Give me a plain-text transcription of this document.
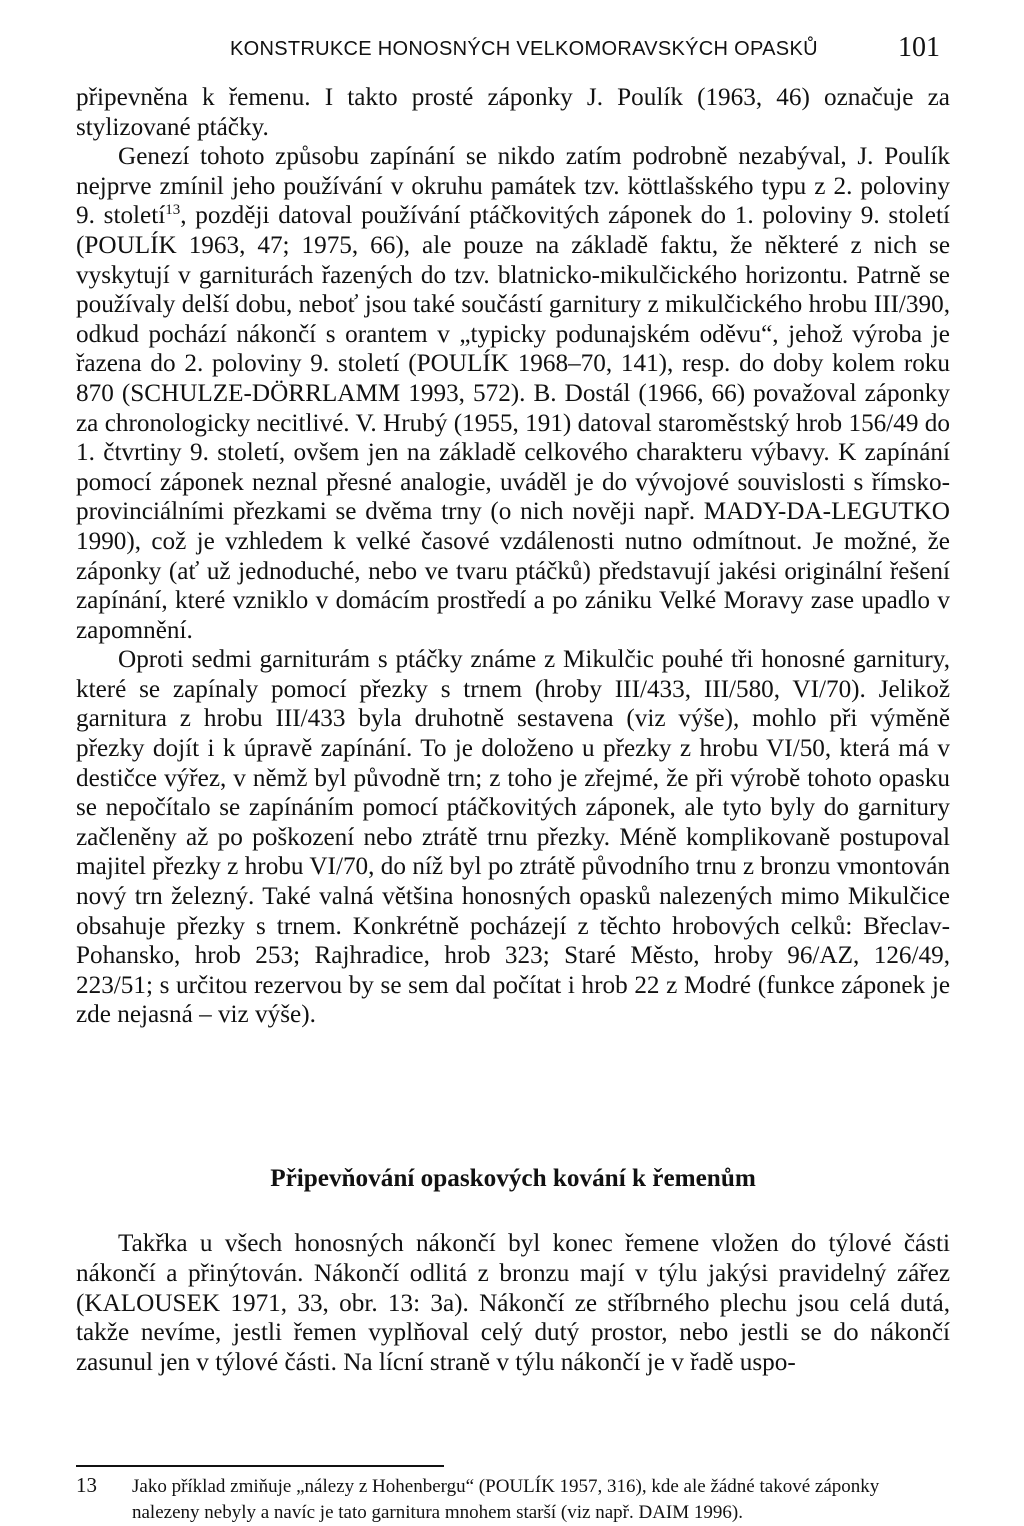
KONSTRUKCE HONOSNÝCH VELKOMORAVSKÝCH OPASKŮ	101

připevněna k řemenu. I takto prosté záponky J. Poulík (1963, 46) označuje za stylizované ptáčky.

Genezí tohoto způsobu zapínání se nikdo zatím podrobně nezabýval, J. Poulík nejprve zmínil jeho používání v okruhu památek tzv. köttlašského typu z 2. poloviny 9. století$^{13}$, později datoval používání ptáčkovitých záponek do 1. poloviny 9. století (POULÍK 1963, 47; 1975, 66), ale pouze na základě faktu, že některé z nich se vyskytují v garniturách řazených do tzv. blatnicko-mikulčického horizontu. Patrně se používaly delší dobu, neboť jsou také součástí garnitury z mikulčického hrobu III/390, odkud pochází nákončí s orantem v „typicky podunajském oděvu“, jehož výroba je řazena do 2. poloviny 9. století (POULÍK 1968–70, 141), resp. do doby kolem roku 870 (SCHULZE-DÖRRLAMM 1993, 572). B. Dostál (1966, 66) považoval záponky za chronologicky necitlivé. V. Hrubý (1955, 191) datoval staroměstský hrob 156/49 do 1. čtvrtiny 9. století, ovšem jen na základě celkového charakteru výbavy. K zapínání pomocí záponek neznal přesné analogie, uváděl je do vývojové souvislosti s římsko-provinciálními přezkami se dvěma trny (o nich nověji např. MADY-DA-LEGUTKO 1990), což je vzhledem k velké časové vzdálenosti nutno odmítnout. Je možné, že záponky (ať už jednoduché, nebo ve tvaru ptáčků) představují jakési originální řešení zapínání, které vzniklo v domácím prostředí a po zániku Velké Moravy zase upadlo v zapomnění.

Oproti sedmi garniturám s ptáčky známe z Mikulčic pouhé tři honosné garnitury, které se zapínaly pomocí přezky s trnem (hroby III/433, III/580, VI/70). Jelikož garnitura z hrobu III/433 byla druhotně sestavena (viz výše), mohlo při výměně přezky dojít i k úpravě zapínání. To je doloženo u přezky z hrobu VI/50, která má v destičce výřez, v němž byl původně trn; z toho je zřejmé, že při výrobě tohoto opasku se nepočítalo se zapínáním pomocí ptáčkovitých záponek, ale tyto byly do garnitury začleněny až po poškození nebo ztrátě trnu přezky. Méně komplikovaně postupoval majitel přezky z hrobu VI/70, do níž byl po ztrátě původního trnu z bronzu vmontován nový trn železný. Také valná většina honosných opasků nalezených mimo Mikulčice obsahuje přezky s trnem. Konkrétně pocházejí z těchto hrobových celků: Břeclav-Pohansko, hrob 253; Rajhradice, hrob 323; Staré Město, hroby 96/AZ, 126/49, 223/51; s určitou rezervou by se sem dal počítat i hrob 22 z Modré (funkce záponek je zde nejasná – viz výše).

Připevňování opaskových kování k řemenům

Takřka u všech honosných nákončí byl konec řemene vložen do týlové části nákončí a přinýtován. Nákončí odlitá z bronzu mají v týlu jakýsi pravidelný zářez (KALOUSEK 1971, 33, obr. 13: 3a). Nákončí ze stříbrného plechu jsou celá dutá, takže nevíme, jestli řemen vyplňoval celý dutý prostor, nebo jestli se do nákončí zasunul jen v týlové části. Na lícní straně v týlu nákončí je v řadě uspo-

13 Jako příklad zmiňuje „nálezy z Hohenbergu“ (POULÍK 1957, 316), kde ale žádné takové záponky nalezeny nebyly a navíc je tato garnitura mnohem starší (viz např. DAIM 1996).
